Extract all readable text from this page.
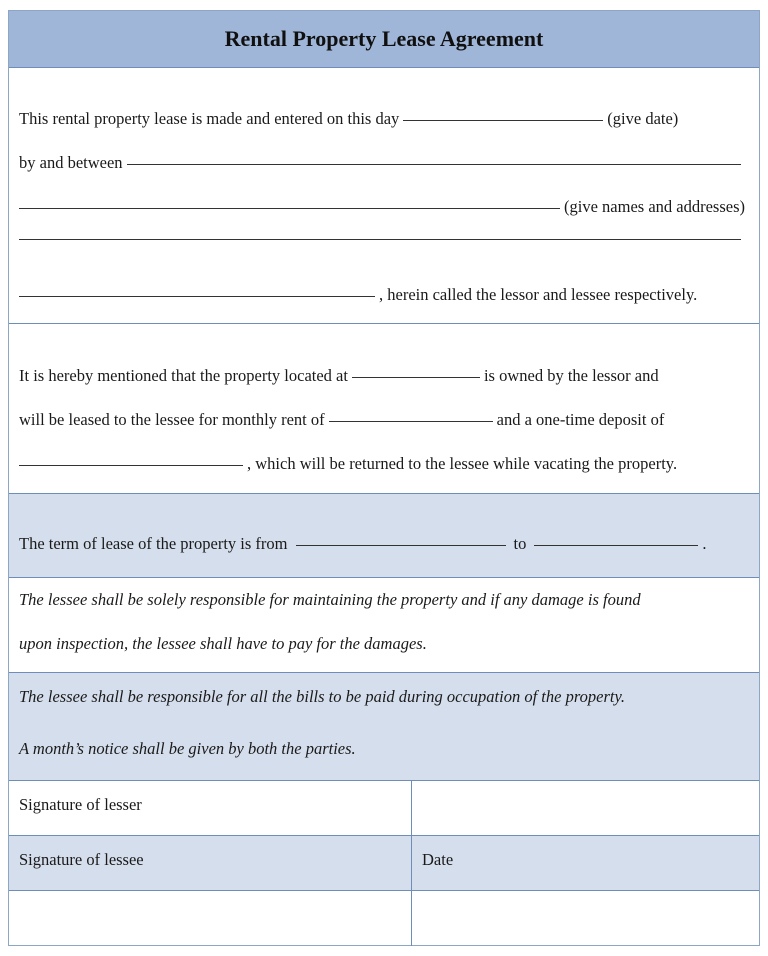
Rental Property Lease Agreement
This rental property lease is made and entered on this day	(give date)
by and between
(give names and addresses)
, herein called the lessor and lessee respectively.
It is hereby mentioned that the property located at	is owned by the lessor and
will be leased to the lessee for monthly rent of	and a one-time deposit of
, which will be returned to the lessee while vacating the property.
The term of lease of the property is from	to	.
The lessee shall be solely responsible for maintaining the property and if any damage is found
upon inspection, the lessee shall have to pay for the damages.
The lessee shall be responsible for all the bills to be paid during occupation of the property.
A month’s notice shall be given by both the parties.
Signature of lesser
Signature of lessee	Date
